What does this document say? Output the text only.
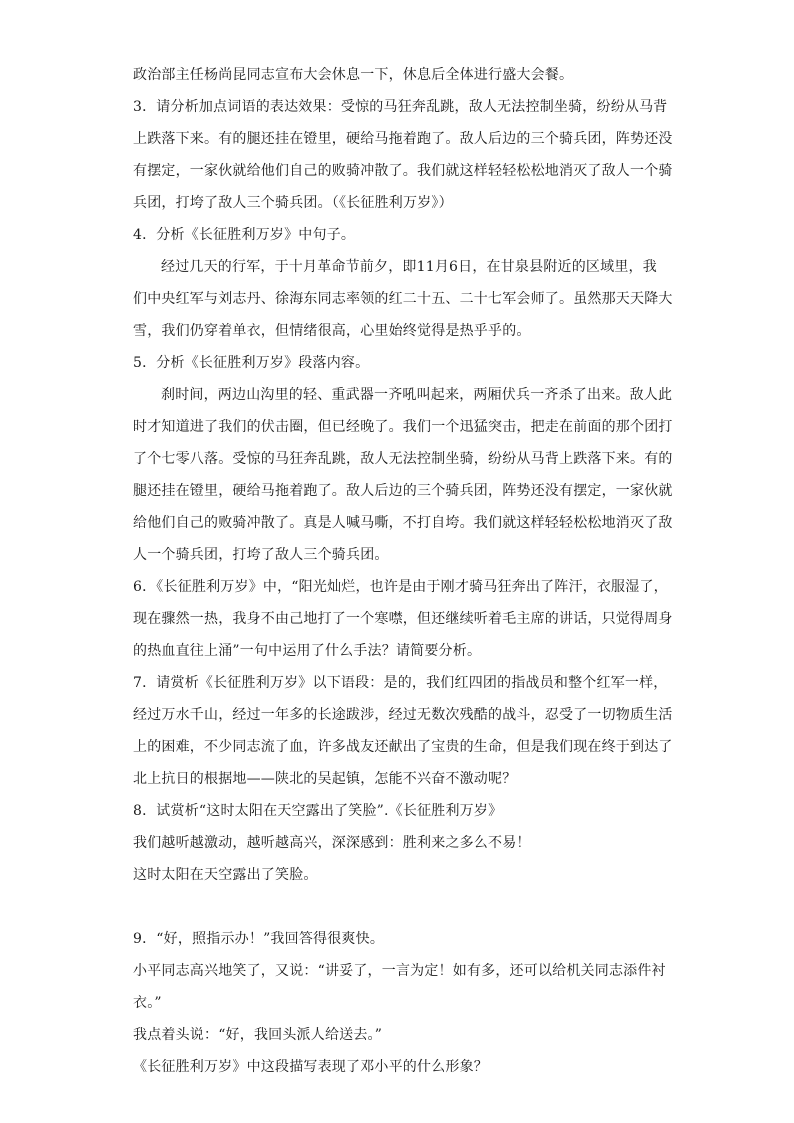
政治部主任杨尚昆同志宣布大会休息一下，休息后全体进行盛大会餐。
3．请分析加点词语的表达效果：受惊的马狂奔乱跳，敌人无法控制坐骑，纷纷从马背
上跌落下来。有的腿还挂在镫里，硬给马拖着跑了。敌人后边的三个骑兵团，阵势还没
有摆定，一家伙就给他们自己的败骑冲散了。我们就这样轻轻松松地消灭了敌人一个骑
兵团，打垮了敌人三个骑兵团。（《长征胜利万岁》）
4．分析《长征胜利万岁》中句子。
经过几天的行军，于十月革命节前夕，即11月6日，在甘泉县附近的区域里，我
们中央红军与刘志丹、徐海东同志率领的红二十五、二十七军会师了。虽然那天天降大
雪，我们仍穿着单衣，但情绪很高，心里始终觉得是热乎乎的。
5．分析《长征胜利万岁》段落内容。
刹时间，两边山沟里的轻、重武器一齐吼叫起来，两厢伏兵一齐杀了出来。敌人此
时才知道进了我们的伏击圈，但已经晚了。我们一个迅猛突击，把走在前面的那个团打
了个七零八落。受惊的马狂奔乱跳，敌人无法控制坐骑，纷纷从马背上跌落下来。有的
腿还挂在镫里，硬给马拖着跑了。敌人后边的三个骑兵团，阵势还没有摆定，一家伙就
给他们自己的败骑冲散了。真是人喊马嘶，不打自垮。我们就这样轻轻松松地消灭了敌
人一个骑兵团，打垮了敌人三个骑兵团。
6．《长征胜利万岁》中，“阳光灿烂，也许是由于刚才骑马狂奔出了阵汗，衣服湿了，
现在骤然一热，我身不由己地打了一个寒噤，但还继续听着毛主席的讲话，只觉得周身
的热血直往上涌”一句中运用了什么手法？请简要分析。
7．请赏析《长征胜利万岁》以下语段：是的，我们红四团的指战员和整个红军一样，
经过万水千山，经过一年多的长途跋涉，经过无数次残酷的战斗，忍受了一切物质生活
上的困难，不少同志流了血，许多战友还献出了宝贵的生命，但是我们现在终于到达了
北上抗日的根据地——陕北的吴起镇，怎能不兴奋不激动呢？
8．试赏析“这时太阳在天空露出了笑脸”.《长征胜利万岁》
我们越听越激动，越听越高兴，深深感到：胜利来之多么不易！
这时太阳在天空露出了笑脸。
9．“好，照指示办！”我回答得很爽快。
小平同志高兴地笑了，又说：“讲妥了，一言为定！如有多，还可以给机关同志添件衬
衣。”
我点着头说：“好，我回头派人给送去。”
《长征胜利万岁》中这段描写表现了邓小平的什么形象？
